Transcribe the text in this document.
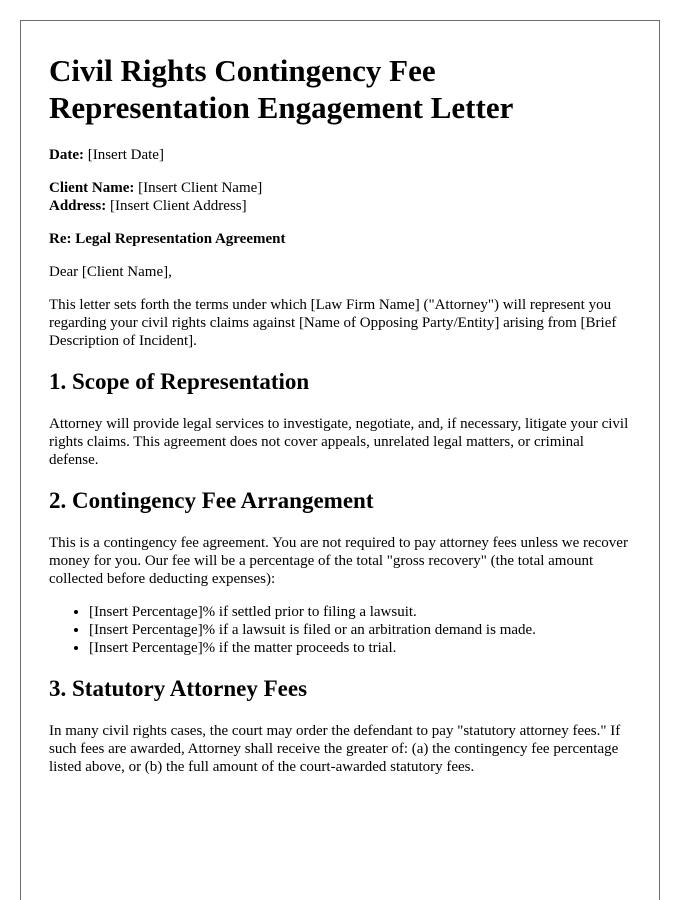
Civil Rights Contingency Fee
Representation Engagement Letter

Date: [Insert Date]

Client Name: [Insert Client Name]
Address: [Insert Client Address]

Re: Legal Representation Agreement

Dear [Client Name],

This letter sets forth the terms under which [Law Firm Name] ("Attorney") will represent you regarding your civil rights claims against [Name of Opposing Party/Entity] arising from [Brief Description of Incident].

1. Scope of Representation

Attorney will provide legal services to investigate, negotiate, and, if necessary, litigate your civil rights claims. This agreement does not cover appeals, unrelated legal matters, or criminal defense.

2. Contingency Fee Arrangement

This is a contingency fee agreement. You are not required to pay attorney fees unless we recover money for you. Our fee will be a percentage of the total "gross recovery" (the total amount collected before deducting expenses):

• [Insert Percentage]% if settled prior to filing a lawsuit.
• [Insert Percentage]% if a lawsuit is filed or an arbitration demand is made.
• [Insert Percentage]% if the matter proceeds to trial.
3. Statutory Attorney Fees

In many civil rights cases, the court may order the defendant to pay "statutory attorney fees." If such fees are awarded, Attorney shall receive the greater of: (a) the contingency fee percentage listed above, or (b) the full amount of the court-awarded statutory fees.
